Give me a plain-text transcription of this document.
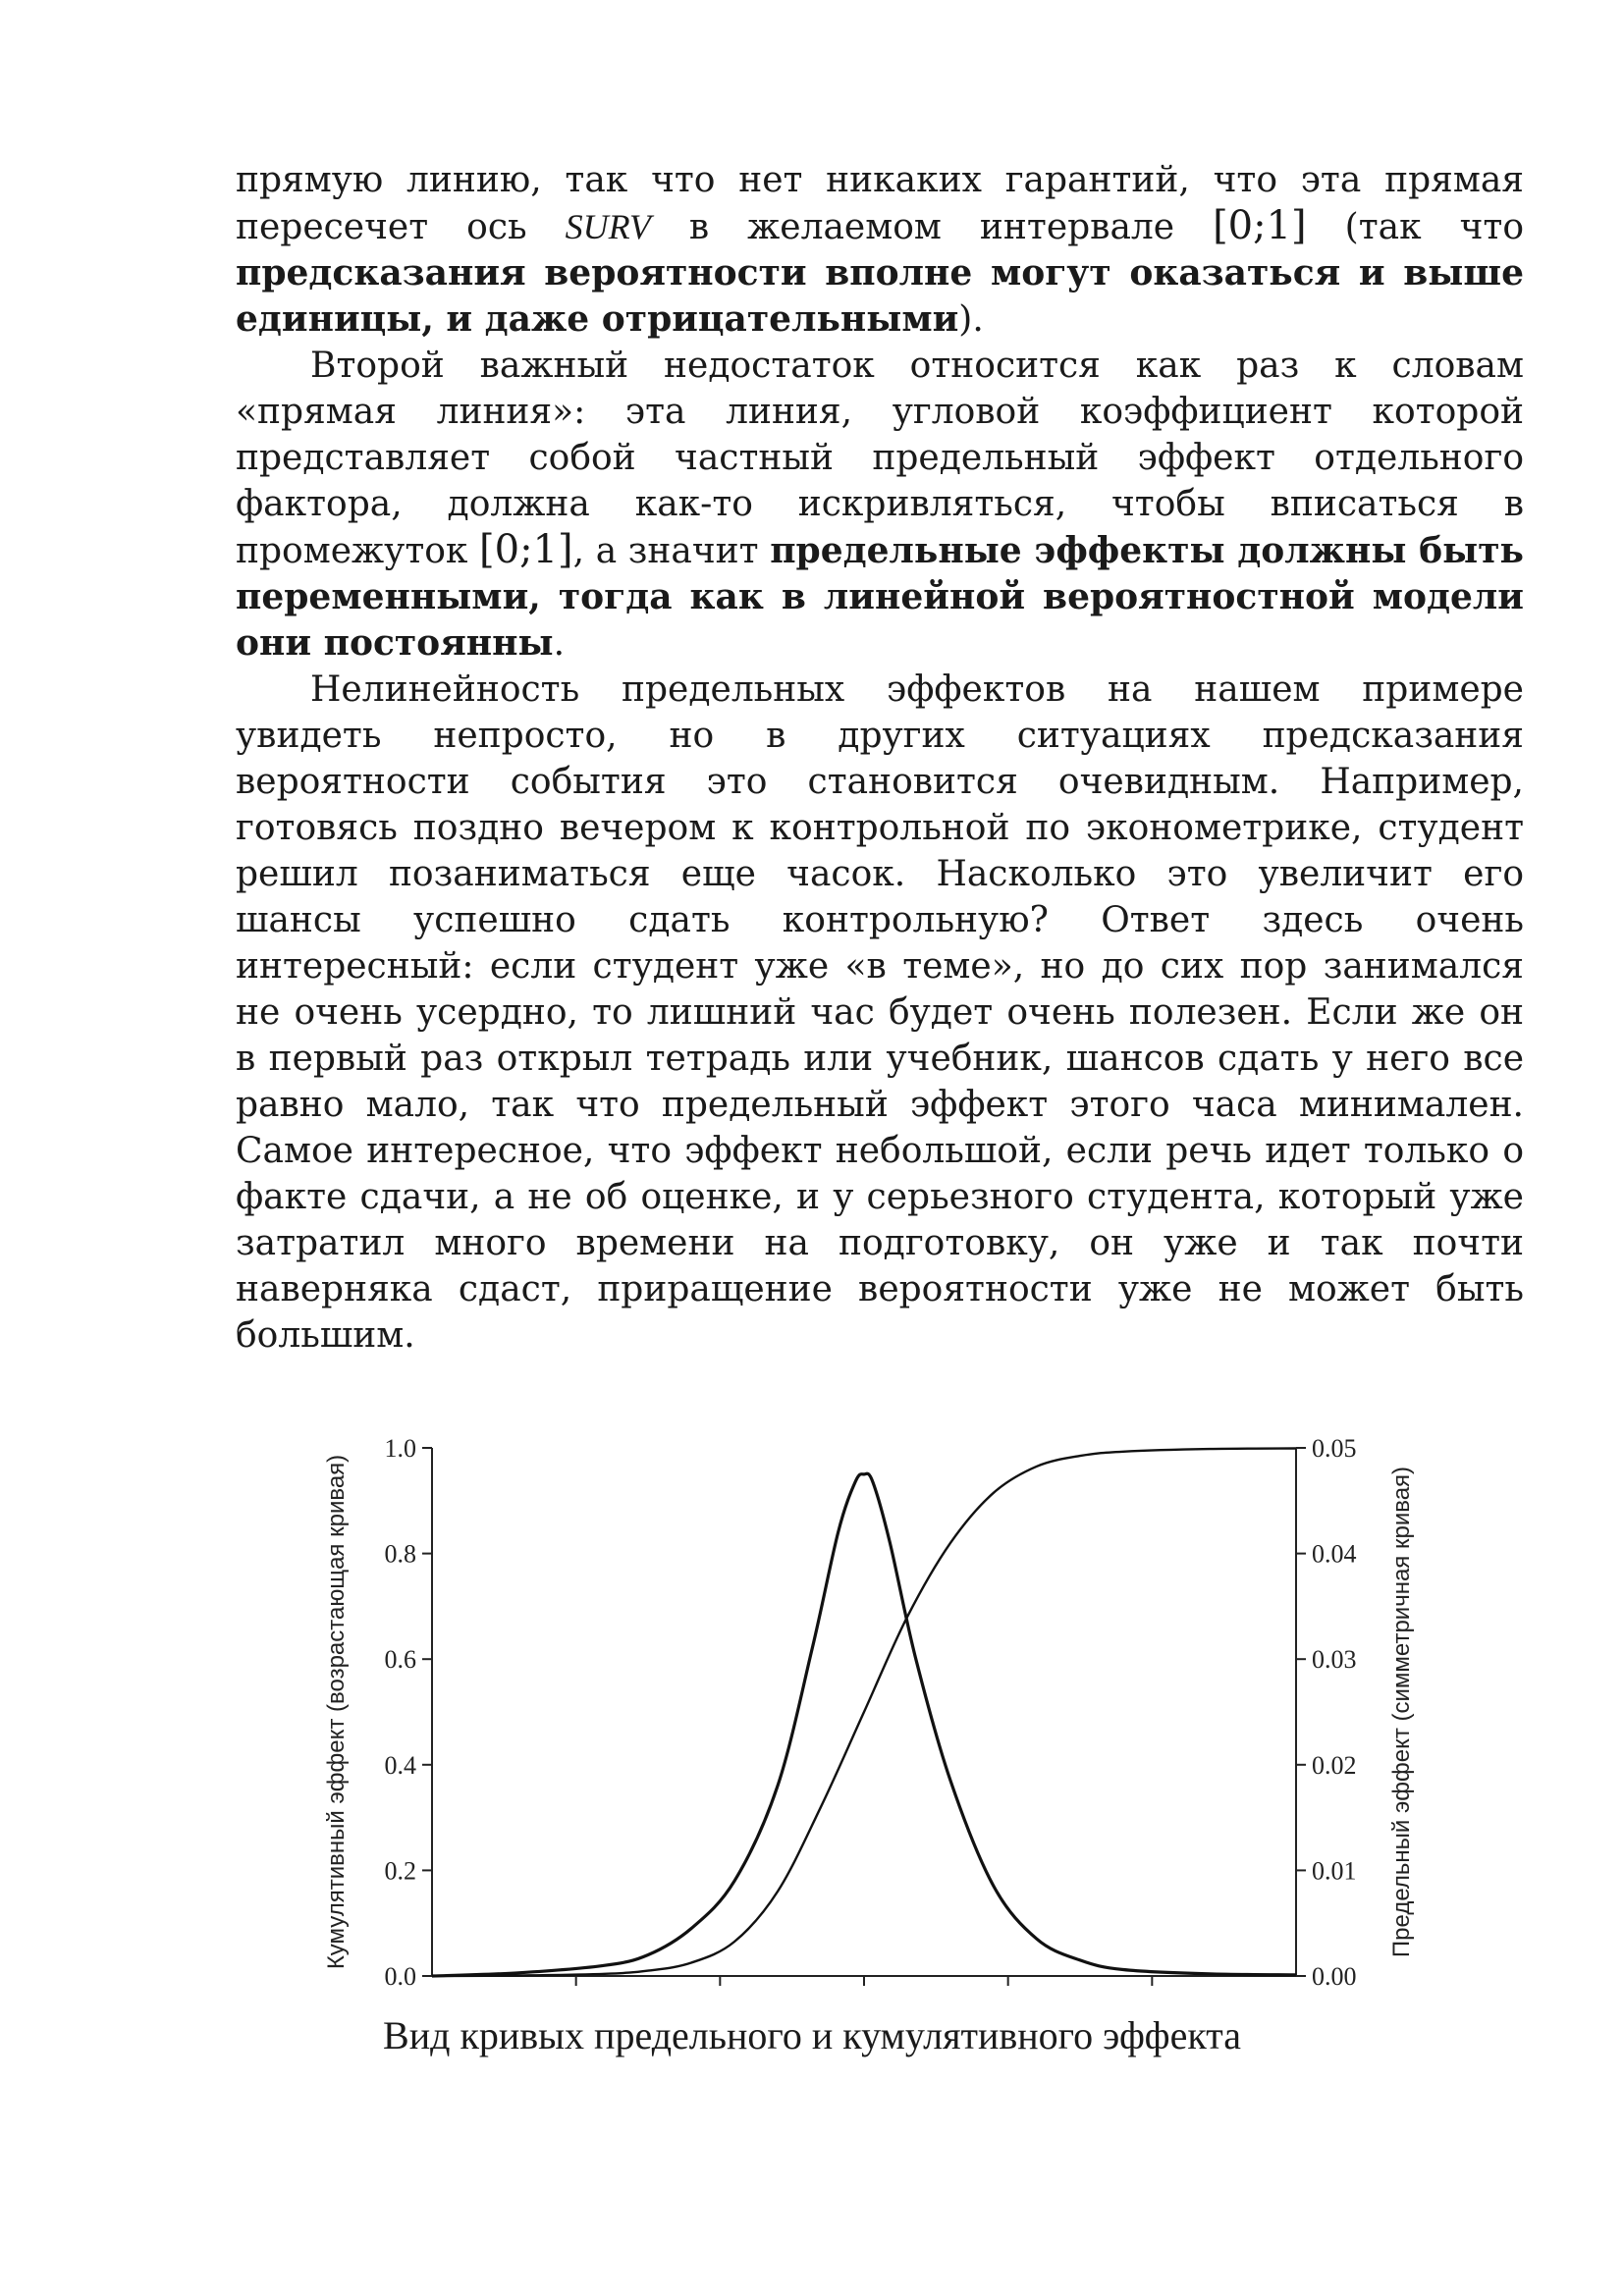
прямую линию, так что нет никаких гарантий, что эта прямая пересечет ось SURV в желаемом интервале [0;1] (так что предсказания вероятности вполне могут оказаться и выше единицы, и даже отрицательными).

Второй важный недостаток относится как раз к словам «прямая линия»: эта линия, угловой коэффициент которой представляет собой частный предельный эффект отдельного фактора, должна как-то искривляться, чтобы вписаться в промежуток [0;1], а значит предельные эффекты должны быть переменными, тогда как в линейной вероятностной модели они постоянны.

Нелинейность предельных эффектов на нашем примере увидеть непросто, но в других ситуациях предсказания вероятности события это становится очевидным. Например, готовясь поздно вечером к контрольной по эконометрике, студент решил позаниматься еще часок. Насколько это увеличит его шансы успешно сдать контрольную? Ответ здесь очень интересный: если студент уже «в теме», но до сих пор занимался не очень усердно, то лишний час будет очень полезен. Если же он в первый раз открыл тетрадь или учебник, шансов сдать у него все равно мало, так что предельный эффект этого часа минимален. Самое интересное, что эффект небольшой, если речь идет только о факте сдачи, а не об оценке, и у серьезного студента, который уже затратил много времени на подготовку, он уже и так почти наверняка сдаст, приращение вероятности уже не может быть большим.

0.0
0.2
0.4
0.6
0.8
1.0
0.00
0.01
0.02
0.03
0.04
0.05
Кумулятивный эффект (возрастающая кривая)	Предельный эффект (симметричная кривая)
Вид кривых предельного и кумулятивного эффекта
